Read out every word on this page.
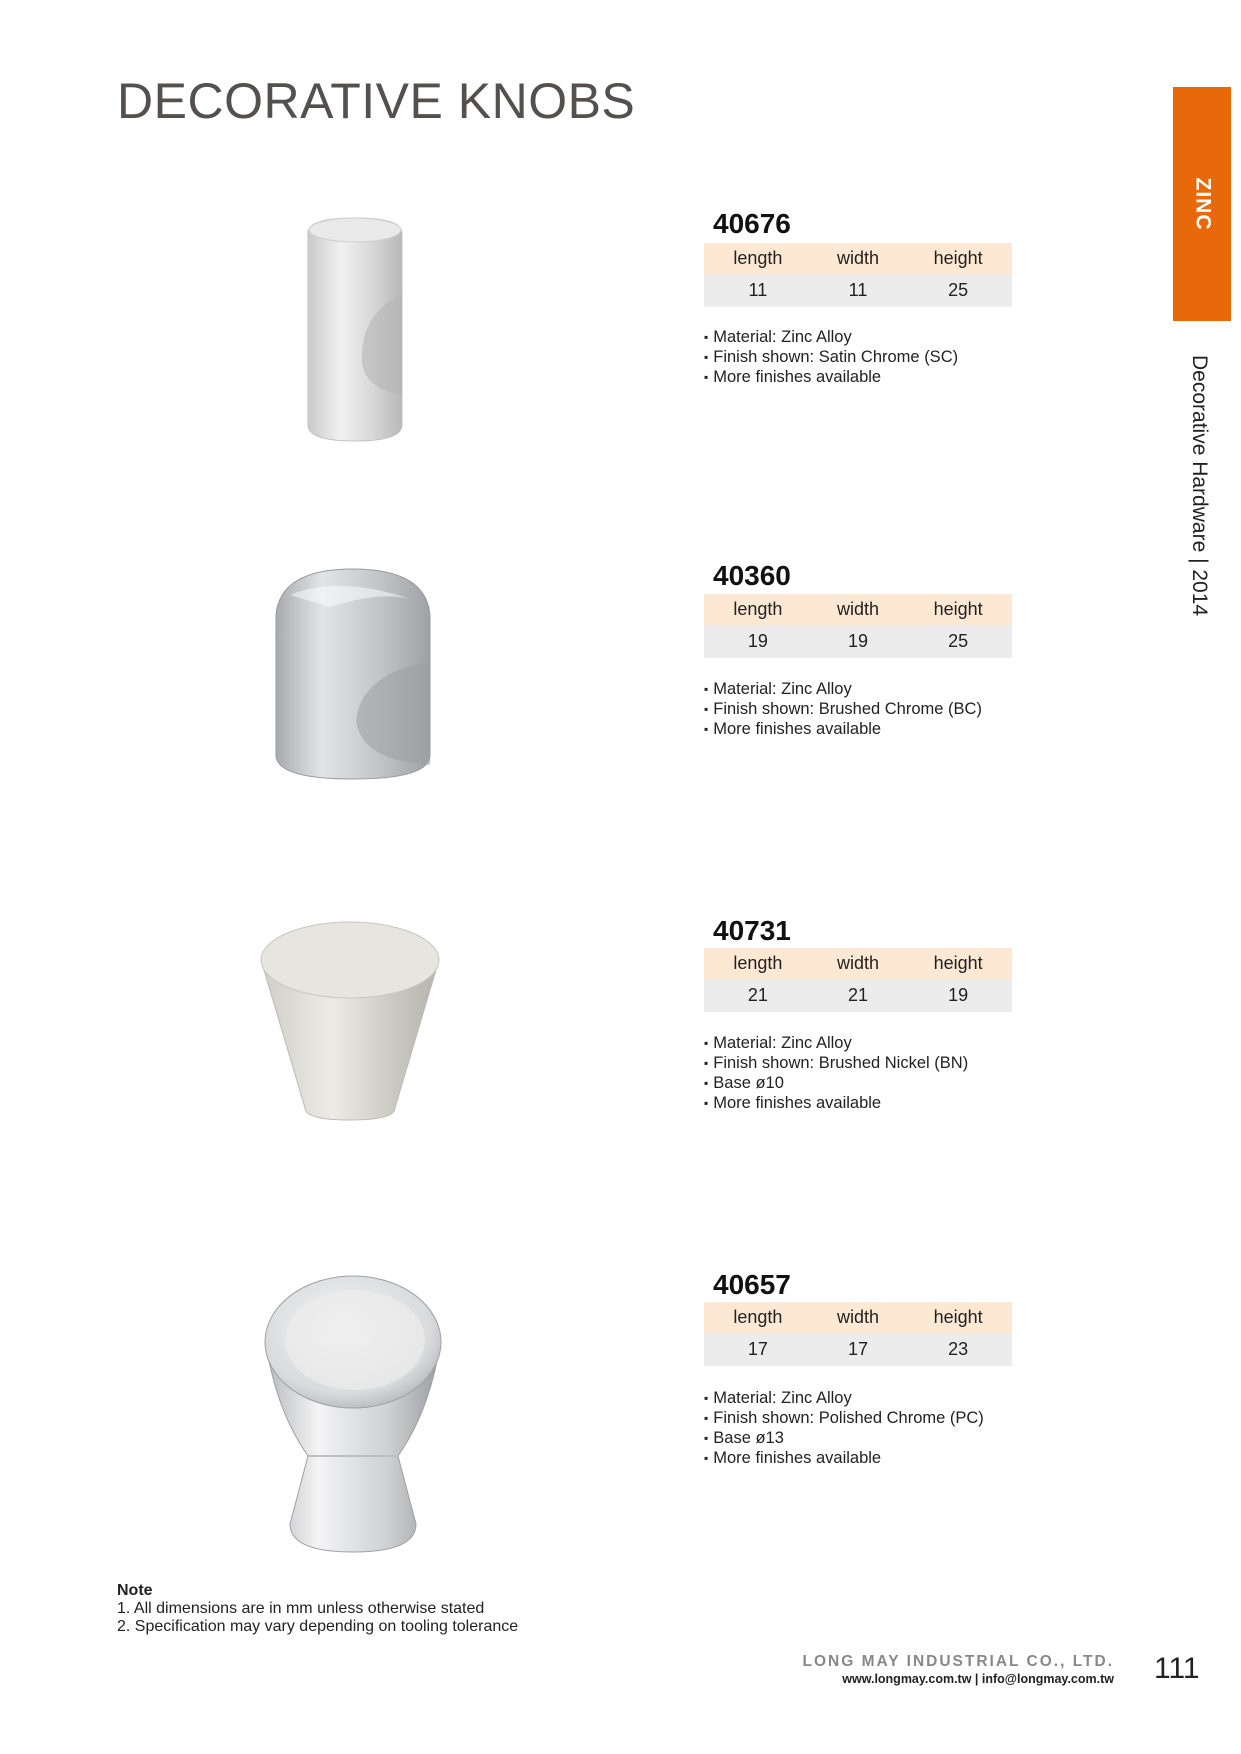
DECORATIVE KNOBS
ZINC
Decorative Hardware | 2014
40676
length	width	height
11	11	25
▪ Material: Zinc Alloy
▪ Finish shown: Satin Chrome (SC)
▪ More finishes available
40360
length	width	height
19	19	25
▪ Material: Zinc Alloy
▪ Finish shown: Brushed Chrome (BC)
▪ More finishes available
40731
length	width	height
21	21	19
▪ Material: Zinc Alloy
▪ Finish shown: Brushed Nickel (BN)
▪ Base ø10
▪ More finishes available
40657
length	width	height
17	17	23
▪ Material: Zinc Alloy
▪ Finish shown: Polished Chrome (PC)
▪ Base ø13
▪ More finishes available
Note
1. All dimensions are in mm unless otherwise stated
2. Specification may vary depending on tooling tolerance
LONG MAY INDUSTRIAL CO., LTD.
www.longmay.com.tw | info@longmay.com.tw 111
